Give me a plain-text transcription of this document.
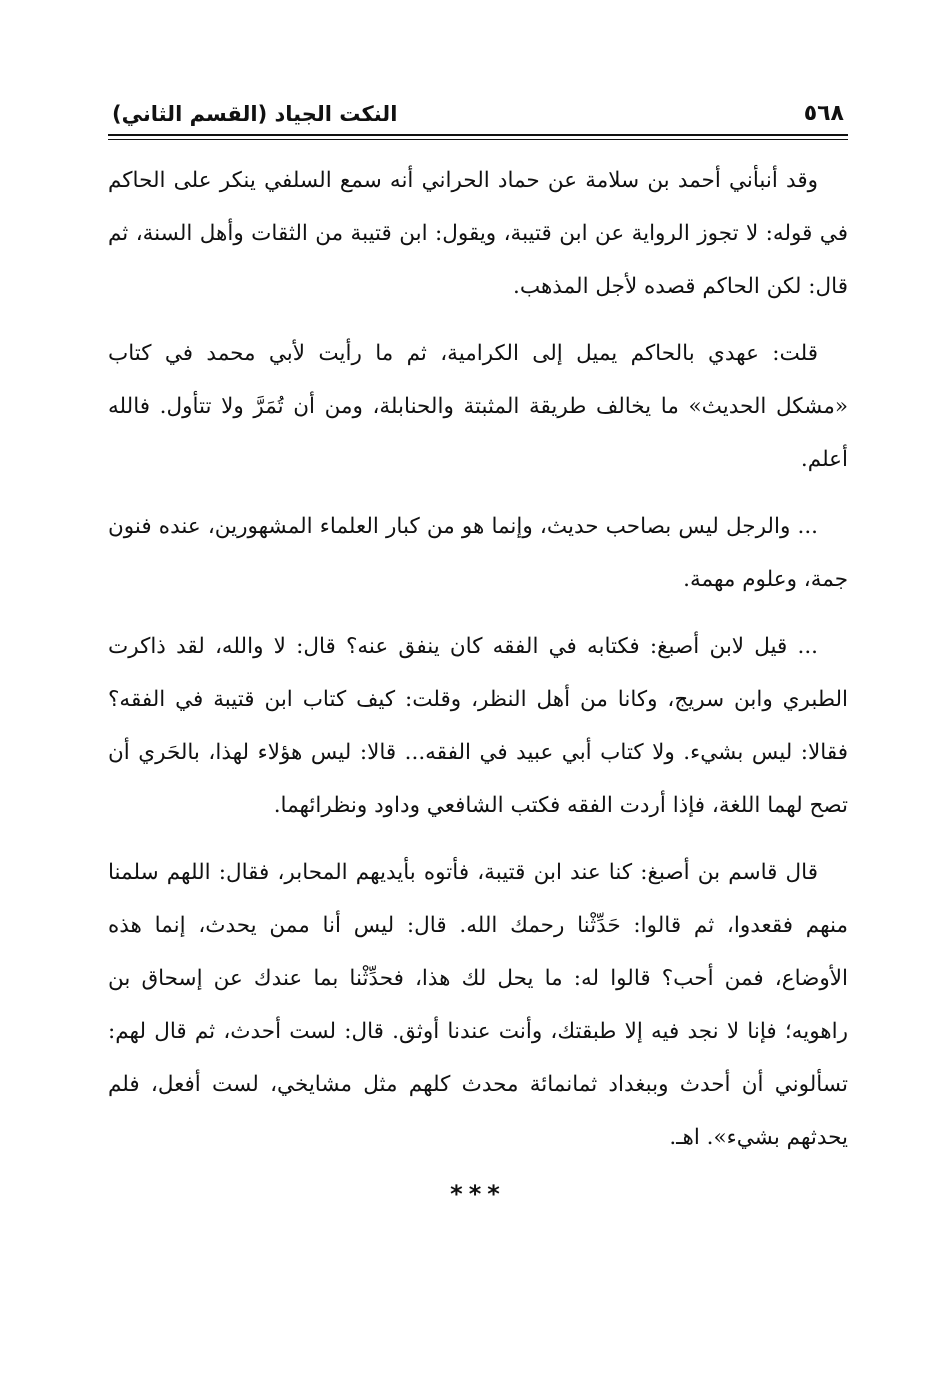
٥٦٨
النكت الجياد (القسم الثاني)

وقد أنبأني أحمد بن سلامة عن حماد الحراني أنه سمع السلفي ينكر على الحاكم في قوله: لا تجوز الرواية عن ابن قتيبة، ويقول: ابن قتيبة من الثقات وأهل السنة، ثم قال: لكن الحاكم قصده لأجل المذهب.

قلت: عهدي بالحاكم يميل إلى الكرامية، ثم ما رأيت لأبي محمد في كتاب «مشكل الحديث» ما يخالف طريقة المثبتة والحنابلة، ومن أن تُمَرَّ ولا تتأول. فالله أعلم.

... والرجل ليس بصاحب حديث، وإنما هو من كبار العلماء المشهورين، عنده فنون جمة، وعلوم مهمة.

... قيل لابن أصبغ: فكتابه في الفقه كان ينفق عنه؟ قال: لا والله، لقد ذاكرت الطبري وابن سريج، وكانا من أهل النظر، وقلت: كيف كتاب ابن قتيبة في الفقه؟ فقالا: ليس بشيء. ولا كتاب أبي عبيد في الفقه... قالا: ليس هؤلاء لهذا، بالحَري أن تصح لهما اللغة، فإذا أردت الفقه فكتب الشافعي وداود ونظرائهما.

قال قاسم بن أصبغ: كنا عند ابن قتيبة، فأتوه بأيديهم المحابر، فقال: اللهم سلمنا منهم فقعدوا، ثم قالوا: حَدِّثْنا رحمك الله. قال: ليس أنا ممن يحدث، إنما هذه الأوضاع، فمن أحب؟ قالوا له: ما يحل لك هذا، فحدِّثْنا بما عندك عن إسحاق بن راهويه؛ فإنا لا نجد فيه إلا طبقتك، وأنت عندنا أوثق. قال: لست أحدث، ثم قال لهم: تسألوني أن أحدث وببغداد ثمانمائة محدث كلهم مثل مشايخي، لست أفعل، فلم يحدثهم بشيء». اهـ.

***
